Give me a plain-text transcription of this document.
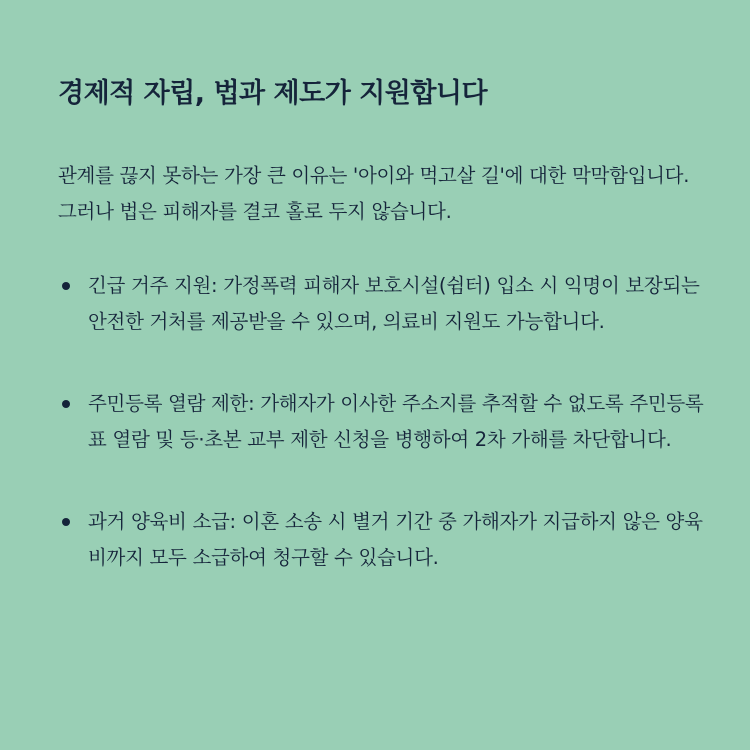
경제적 자립, 법과 제도가 지원합니다

관계를 끊지 못하는 가장 큰 이유는 '아이와 먹고살 길'에 대한 막막함입니다. 그러나 법은 피해자를 결코 홀로 두지 않습니다.

긴급 거주 지원: 가정폭력 피해자 보호시설(쉼터) 입소 시 익명이 보장되는 안전한 거처를 제공받을 수 있으며, 의료비 지원도 가능합니다.
주민등록 열람 제한: 가해자가 이사한 주소지를 추적할 수 없도록 주민등록표 열람 및 등·초본 교부 제한 신청을 병행하여 2차 가해를 차단합니다.
과거 양육비 소급: 이혼 소송 시 별거 기간 중 가해자가 지급하지 않은 양육비까지 모두 소급하여 청구할 수 있습니다.
